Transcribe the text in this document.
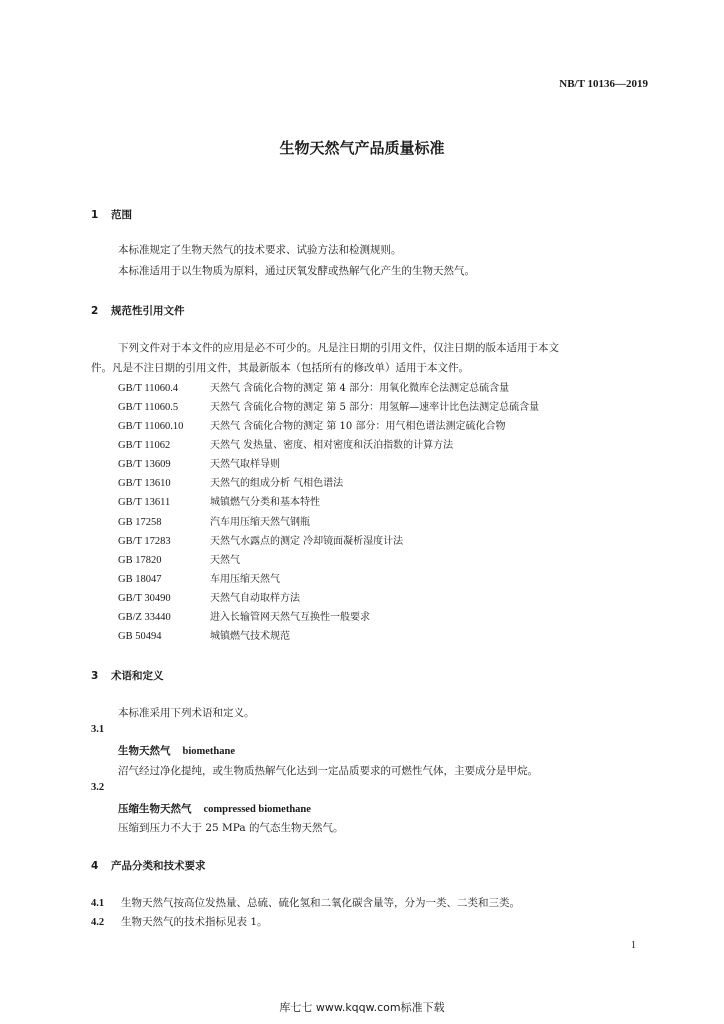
NB/T 10136—2019
生物天然气产品质量标准
1 范围
本标准规定了生物天然气的技术要求、试验方法和检测规则。
本标准适用于以生物质为原料，通过厌氧发酵或热解气化产生的生物天然气。
2 规范性引用文件
下列文件对于本文件的应用是必不可少的。凡是注日期的引用文件，仅注日期的版本适用于本文
件。凡是不注日期的引用文件，其最新版本（包括所有的修改单）适用于本文件。
GB/T 11060.4	天然气 含硫化合物的测定 第 4 部分：用氧化微库仑法测定总硫含量
GB/T 11060.5	天然气 含硫化合物的测定 第 5 部分：用氢解—速率计比色法测定总硫含量
GB/T 11060.10	天然气 含硫化合物的测定 第 10 部分：用气相色谱法测定硫化合物
GB/T 11062	天然气 发热量、密度、相对密度和沃泊指数的计算方法
GB/T 13609	天然气取样导则
GB/T 13610	天然气的组成分析 气相色谱法
GB/T 13611	城镇燃气分类和基本特性
GB 17258	汽车用压缩天然气钢瓶
GB/T 17283	天然气水露点的测定 冷却镜面凝析湿度计法
GB 17820	天然气
GB 18047	车用压缩天然气
GB/T 30490	天然气自动取样方法
GB/Z 33440	进入长输管网天然气互换性一般要求
GB 50494	城镇燃气技术规范
3 术语和定义
本标准采用下列术语和定义。
3.1
生物天然气 biomethane
沼气经过净化提纯，或生物质热解气化达到一定品质要求的可燃性气体，主要成分是甲烷。
3.2
压缩生物天然气 compressed biomethane
压缩到压力不大于 25 MPa 的气态生物天然气。
4 产品分类和技术要求
4.1 生物天然气按高位发热量、总硫、硫化氢和二氧化碳含量等，分为一类、二类和三类。
4.2 生物天然气的技术指标见表 1。
1
库七七 www.kqqw.com标准下载
